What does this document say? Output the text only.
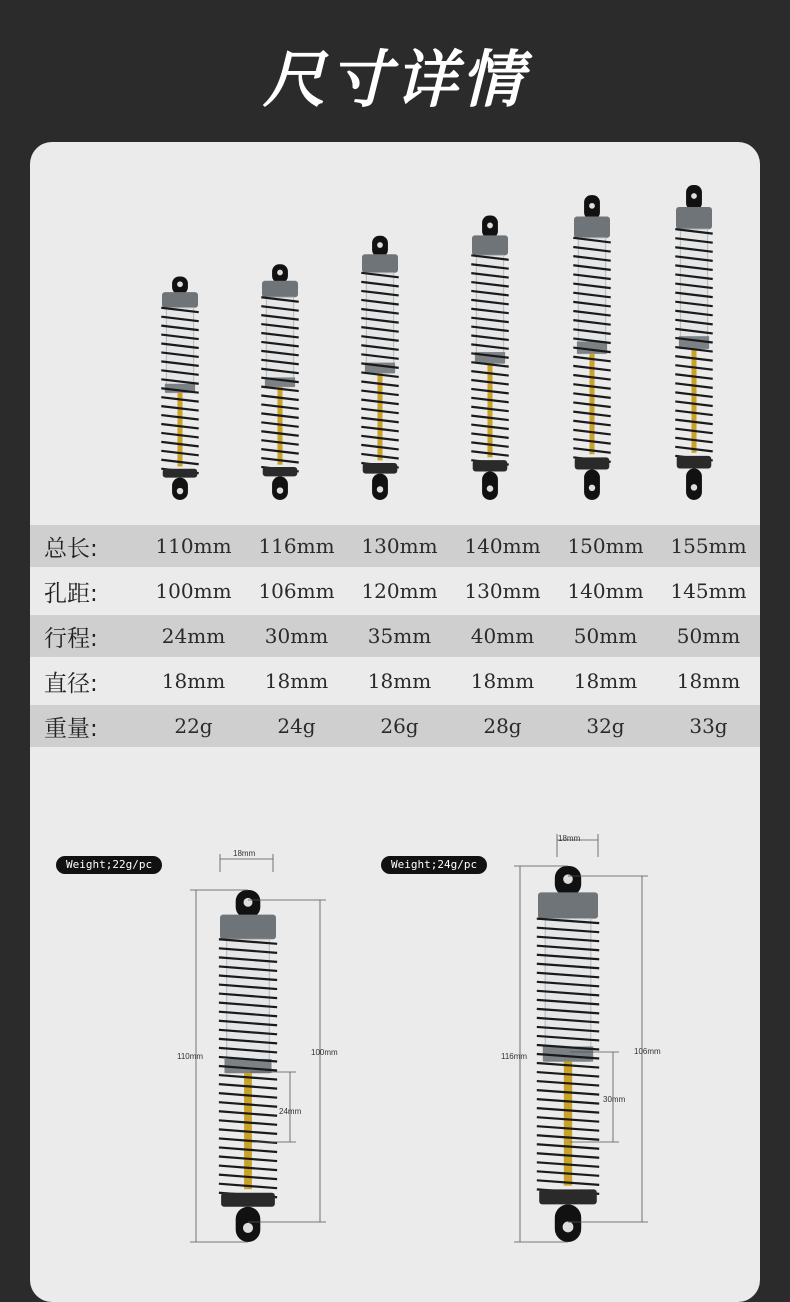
尺寸详情
总长:	110mm	116mm	130mm	140mm	150mm	155mm
孔距:	100mm	106mm	120mm	130mm	140mm	145mm
行程:	24mm	30mm	35mm	40mm	50mm	50mm
直径:	18mm	18mm	18mm	18mm	18mm	18mm
重量:	22g	24g	26g	28g	32g	33g
Weight;22g/pc
18mm
110mm	100mm
24mm
Weight;24g/pc
18mm
116mm
106mm
30mm
